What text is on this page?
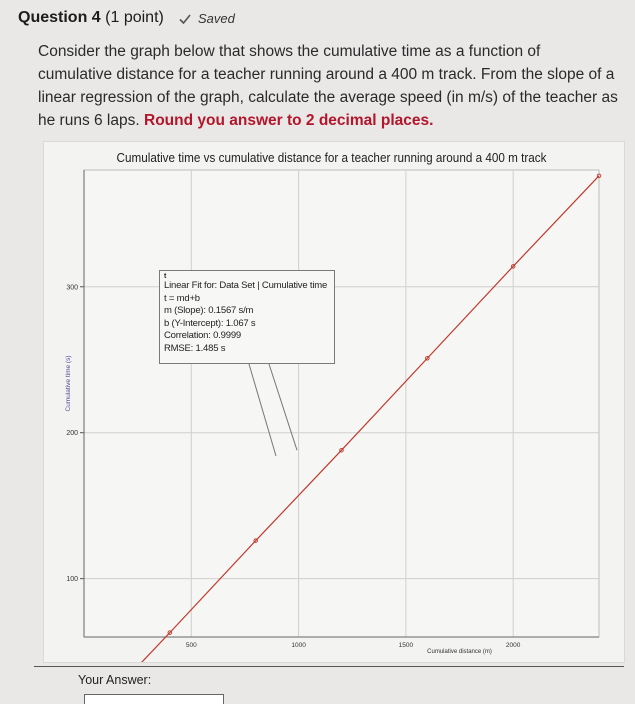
Question 4 (1 point)	Saved
Consider the graph below that shows the cumulative time as a function of cumulative distance for a teacher running around a 400 m track. From the slope of a linear regression of the graph, calculate the average speed (in m/s) of the teacher as he runs 6 laps. Round you answer to 2 decimal places.
500	1000	1500	2000
300
200
100
Cumulative time vs cumulative distance for a teacher running around a 400 m track
Cumulative distance (m)
Cumulative time (s)
t
Linear Fit for: Data Set | Cumulative time
t = md+b
m (Slope): 0.1567 s/m
b (Y-Intercept): 1.067 s
Correlation: 0.9999
RMSE: 1.485 s
Your Answer:
